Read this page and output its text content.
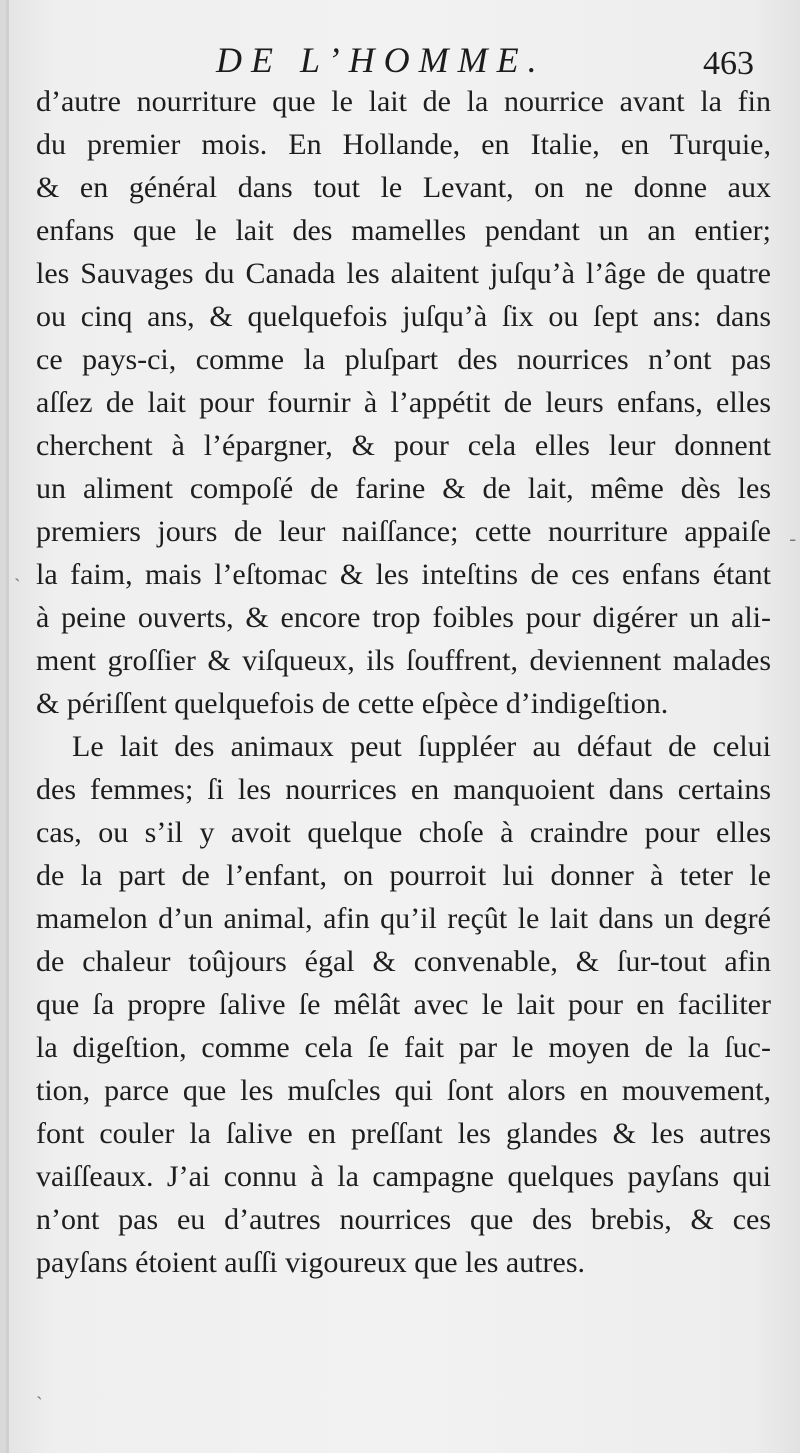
DE L’HOMME.	463
d’autre nourriture que le lait de la nourrice avant la fin
du premier mois. En Hollande, en Italie, en Turquie,
& en général dans tout le Levant, on ne donne aux
enfans que le lait des mamelles pendant un an entier;
les Sauvages du Canada les alaitent juſqu’à l’âge de quatre
ou cinq ans, & quelquefois juſqu’à ſix ou ſept ans: dans
ce pays-ci, comme la pluſpart des nourrices n’ont pas
aſſez de lait pour fournir à l’appétit de leurs enfans, elles
cherchent à l’épargner, & pour cela elles leur donnent
un aliment compoſé de farine & de lait, même dès les
premiers jours de leur naiſſance; cette nourriture appaiſe
la faim, mais l’eſtomac & les inteſtins de ces enfans étant
à peine ouverts, & encore trop foibles pour digérer un ali-
ment groſſier & viſqueux, ils ſouffrent, deviennent malades
& périſſent quelquefois de cette eſpèce d’indigeſtion.
Le lait des animaux peut ſuppléer au défaut de celui
des femmes; ſi les nourrices en manquoient dans certains
cas, ou s’il y avoit quelque choſe à craindre pour elles
de la part de l’enfant, on pourroit lui donner à teter le
mamelon d’un animal, afin qu’il reçût le lait dans un degré
de chaleur toûjours égal & convenable, & ſur-tout afin
que ſa propre ſalive ſe mêlât avec le lait pour en faciliter
la digeſtion, comme cela ſe fait par le moyen de la ſuc-
tion, parce que les muſcles qui ſont alors en mouvement,
font couler la ſalive en preſſant les glandes & les autres
vaiſſeaux. J’ai connu à la campagne quelques payſans qui
n’ont pas eu d’autres nourrices que des brebis, & ces
payſans étoient auſſi vigoureux que les autres.
ˏ
‐
ˏ
